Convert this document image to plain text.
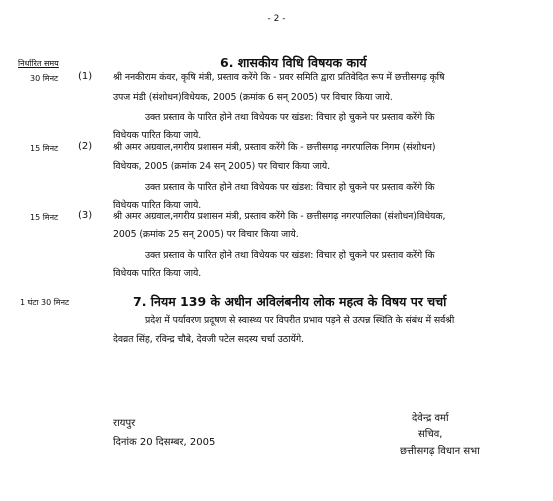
- 2 -
निर्धारित समय	6. शासकीय विधि विषयक कार्य
30 मिनट (1) श्री ननकीराम कंवर, कृषि मंत्री, प्रस्ताव करेंगे कि - प्रवर समिति द्वारा प्रतिवेदित रूप में छत्तीसगढ़ कृषि
उपज मंडी (संशोधन)विधेयक, 2005 (क्रमांक 6 सन् 2005) पर विचार किया जाये.
उक्त प्रस्ताव के पारित होने तथा विधेयक पर खंडश: विचार हो चुकने पर प्रस्ताव करेंगे कि
विधेयक पारित किया जाये.
15 मिनट (2) श्री अमर अग्रवाल,नगरीय प्रशासन मंत्री, प्रस्ताव करेंगे कि - छत्तीसगढ़ नगरपालिक निगम (संशोधन)
विधेयक, 2005 (क्रमांक 24 सन् 2005) पर विचार किया जाये.
उक्त प्रस्ताव के पारित होने तथा विधेयक पर खंडश: विचार हो चुकने पर प्रस्ताव करेंगे कि
विधेयक पारित किया जाये.
15 मिनट (3) श्री अमर अग्रवाल,नगरीय प्रशासन मंत्री, प्रस्ताव करेंगे कि - छत्तीसगढ़ नगरपालिका (संशोधन)विधेयक,
2005 (क्रमांक 25 सन् 2005) पर विचार किया जाये.
उक्त प्रस्ताव के पारित होने तथा विधेयक पर खंडश: विचार हो चुकने पर प्रस्ताव करेंगे कि
विधेयक पारित किया जाये.
1 घंटा 30 मिनट	7. नियम 139 के अधीन अविलंबनीय लोक महत्व के विषय पर चर्चा
प्रदेश में पर्यावरण प्रदूषण से स्वास्थ्य पर विपरीत प्रभाव पड़ने से उत्पन्न स्थिति के संबंध में सर्वश्री
देवव्रत सिंह, रविन्द्र चौबे, देवजी पटेल सदस्य चर्चा उठायेंगे.
रायपुर
दिनांक 20 दिसम्बर, 2005
देवेन्द्र वर्मा
सचिव,
छत्तीसगढ़ विधान सभा
